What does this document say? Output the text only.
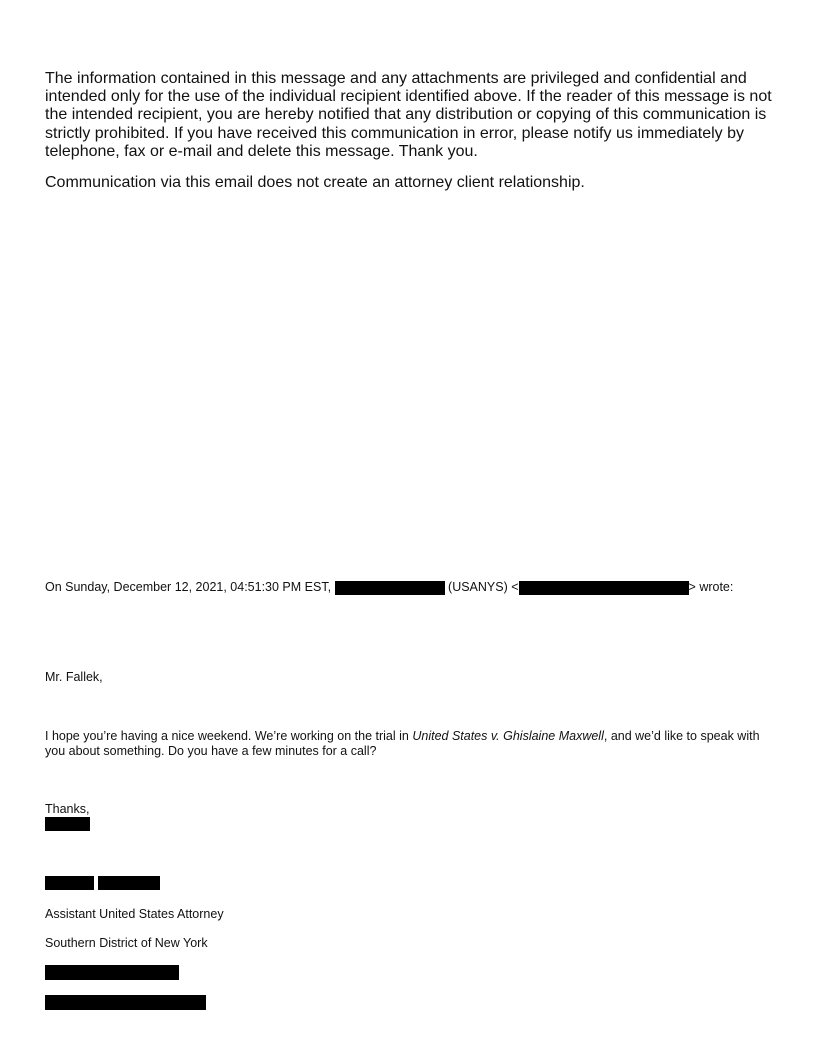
The information contained in this message and any attachments are privileged and confidential and intended only for the use of the individual recipient identified above. If the reader of this message is not the intended recipient, you are hereby notified that any distribution or copying of this communication is strictly prohibited. If you have received this communication in error, please notify us immediately by telephone, fax or e-mail and delete this message. Thank you.

Communication via this email does not create an attorney client relationship.

On Sunday, December 12, 2021, 04:51:30 PM EST,	(USANYS) <	> wrote:

Mr. Fallek,

I hope you’re having a nice weekend. We’re working on the trial in United States v. Ghislaine Maxwell, and we’d like to speak with you about something. Do you have a few minutes for a call?

Thanks,

Assistant United States Attorney

Southern District of New York
